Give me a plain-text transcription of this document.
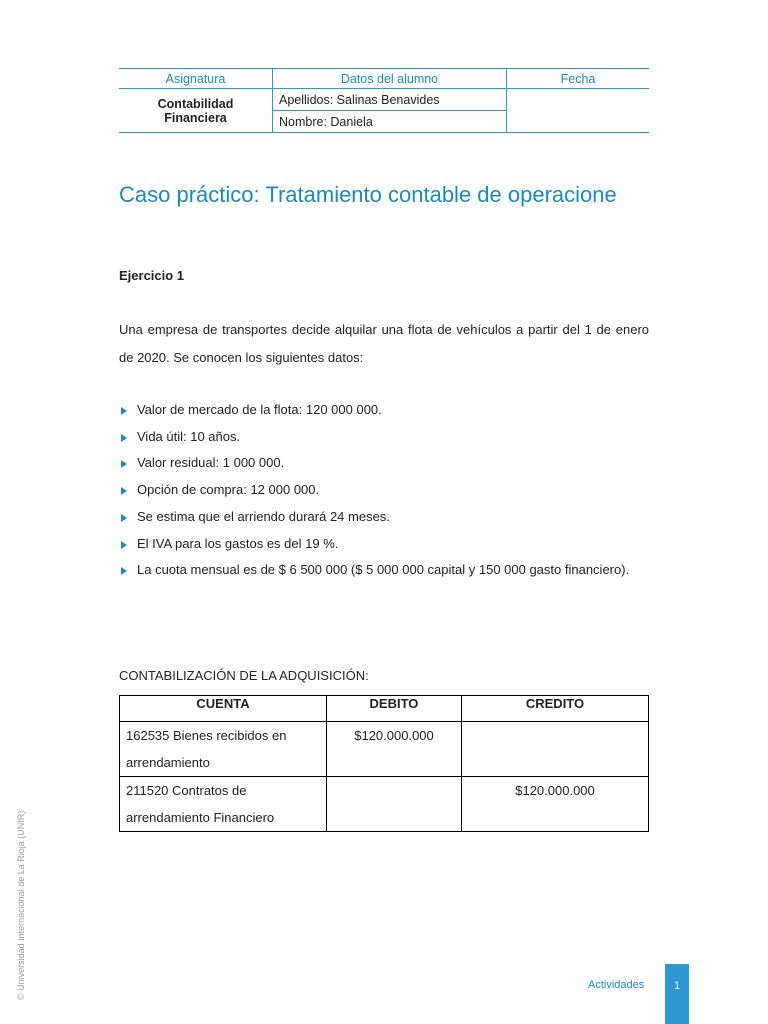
Asignatura	Datos del alumno	Fecha
Contabilidad Financiera	Apellidos: Salinas Benavides	
	Nombre: Daniela	
Caso práctico: Tratamiento contable de operacione
Ejercicio 1

Una empresa de transportes decide alquilar una flota de vehículos a partir del 1 de enero de 2020. Se conocen los siguientes datos:

Valor de mercado de la flota: 120 000 000.
Vida útil: 10 años.
Valor residual: 1 000 000.
Opción de compra: 12 000 000.
Se estima que el arriendo durará 24 meses.
El IVA para los gastos es del 19 %.
La cuota mensual es de $ 6 500 000 ($ 5 000 000 capital y 150 000 gasto financiero).
CONTABILIZACIÓN DE LA ADQUISICIÓN:
CUENTA	DEBITO	CREDITO
162535 Bienes recibidos en arrendamiento	$120.000.000	
211520 Contratos de arrendamiento Financiero		$120.000.000
© Universidad Internacional de La Rioja (UNIR)	Actividades	1
